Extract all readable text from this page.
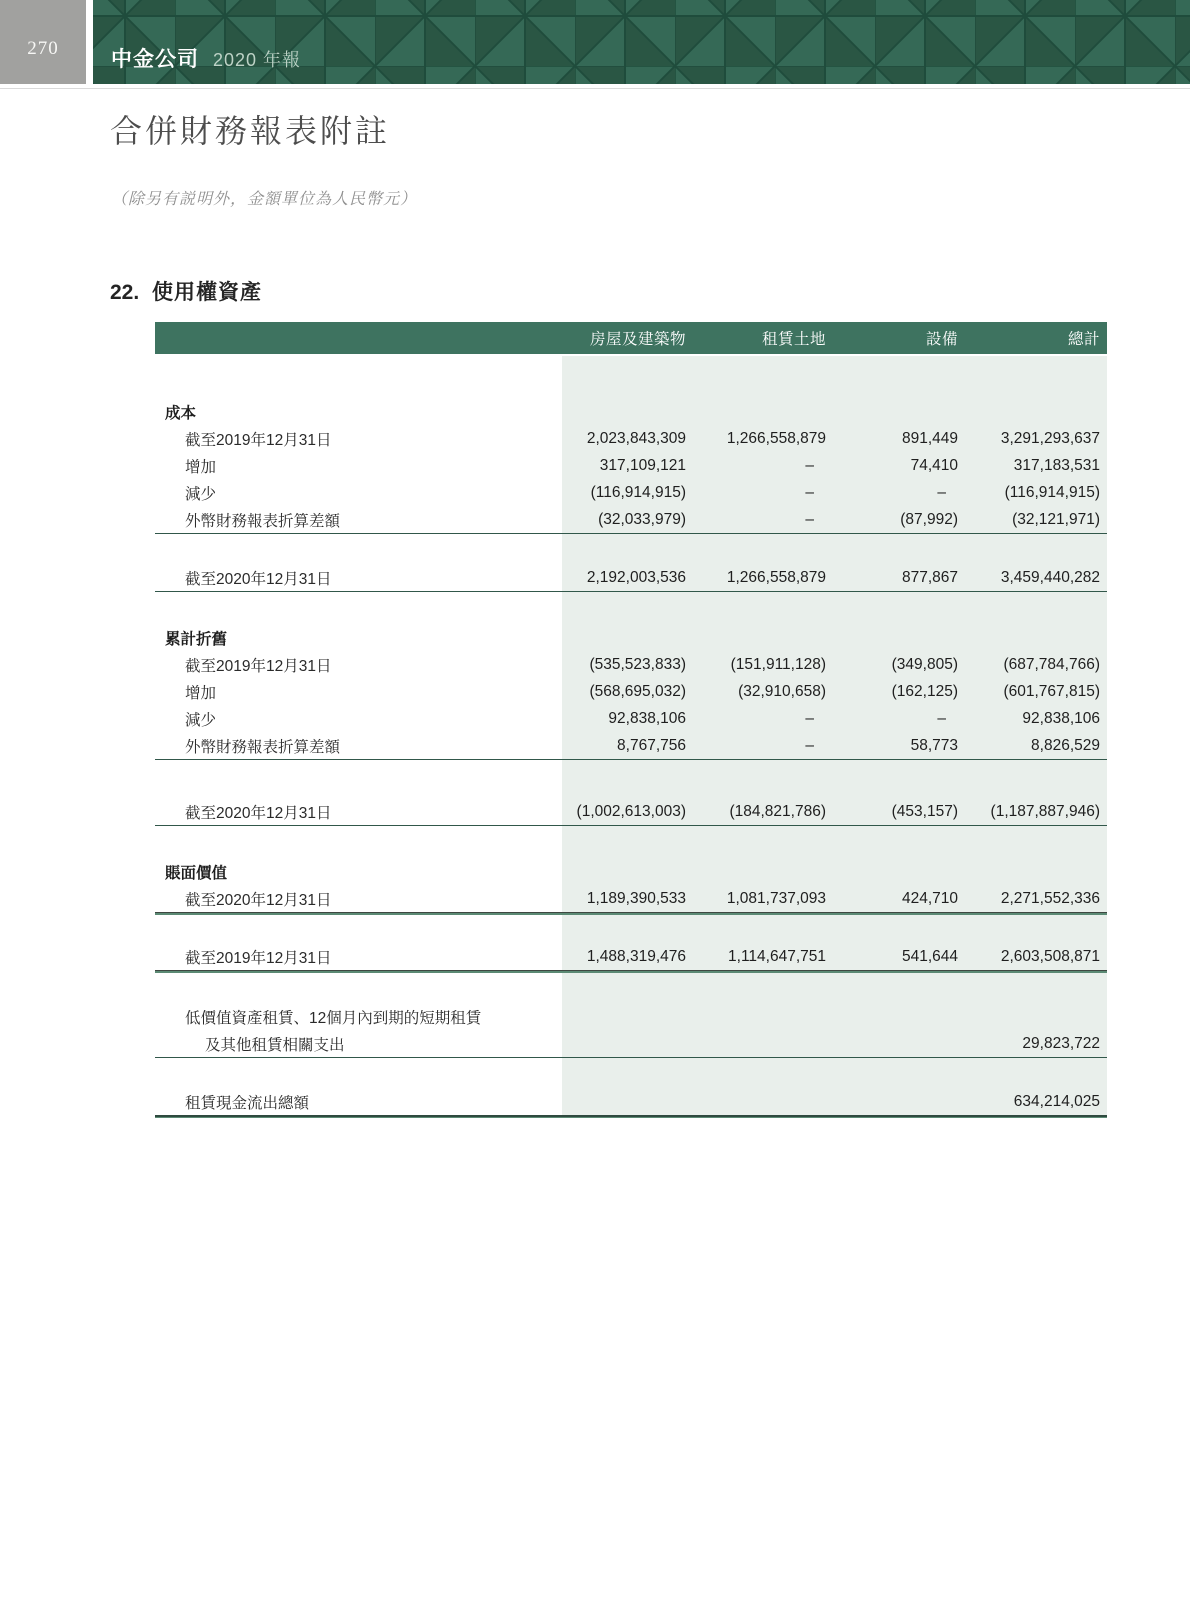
270 中金公司 2020 年報
合併財務報表附註

（除另有説明外，金額單位為人民幣元）

22. 使用權資產
房屋及建築物	租賃土地	設備	總計
成本
截至2019年12月31日	2,023,843,309	1,266,558,879	891,449	3,291,293,637
增加	317,109,121	–	74,410	317,183,531
減少	(116,914,915)	–	–	(116,914,915)
外幣財務報表折算差額	(32,033,979)	–	(87,992)	(32,121,971)
截至2020年12月31日	2,192,003,536	1,266,558,879	877,867	3,459,440,282
累計折舊
截至2019年12月31日	(535,523,833)	(151,911,128)	(349,805)	(687,784,766)
增加	(568,695,032)	(32,910,658)	(162,125)	(601,767,815)
減少	92,838,106	–	–	92,838,106
外幣財務報表折算差額	8,767,756	–	58,773	8,826,529
截至2020年12月31日	(1,002,613,003)	(184,821,786)	(453,157)	(1,187,887,946)
賬面價值
截至2020年12月31日	1,189,390,533	1,081,737,093	424,710	2,271,552,336
截至2019年12月31日	1,488,319,476	1,114,647,751	541,644	2,603,508,871
低價值資產租賃、12個月內到期的短期租賃
及其他租賃相關支出	29,823,722
租賃現金流出總額	634,214,025
